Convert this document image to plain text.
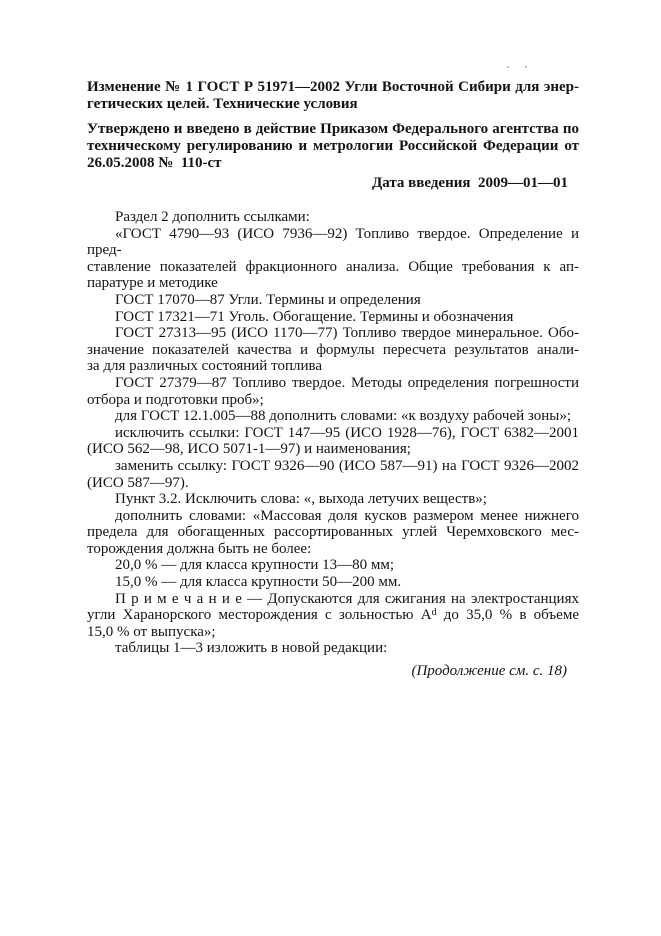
- ·
Изменение № 1 ГОСТ Р 51971—2002 Угли Восточной Сибири для энер-
гетических целей. Технические условия
Утверждено и введено в действие Приказом Федерального агентства по
техническому регулированию и метрологии Российской Федерации от
26.05.2008 №  110-ст

Дата введения  2009—01—01

Раздел 2 дополнить ссылками:

«ГОСТ 4790—93 (ИСО 7936—92) Топливо твердое. Определение и пред-
ставление показателей фракционного анализа. Общие требования к ап-
паратуре и методике

ГОСТ 17070—87 Угли. Термины и определения

ГОСТ 17321—71 Уголь. Обогащение. Термины и обозначения

ГОСТ 27313—95 (ИСО 1170—77) Топливо твердое минеральное. Обо-
значение показателей качества и формулы пересчета результатов анали-
за для различных состояний топлива

ГОСТ 27379—87 Топливо твердое. Методы определения погрешности
отбора и подготовки проб»;

для ГОСТ 12.1.005—88 дополнить словами: «к воздуху рабочей зоны»;

исключить ссылки: ГОСТ 147—95 (ИСО 1928—76), ГОСТ 6382—2001
(ИСО 562—98, ИСО 5071-1—97) и наименования;

заменить ссылку: ГОСТ 9326—90 (ИСО 587—91) на ГОСТ 9326—2002
(ИСО 587—97).

Пункт 3.2. Исключить слова: «, выхода летучих веществ»;

дополнить словами: «Массовая доля кусков размером менее нижнего
предела для обогащенных рассортированных углей Черемховского мес-
торождения должна быть не более:

20,0 % — для класса крупности 13—80 мм;

15,0 % — для класса крупности 50—200 мм.

П р и м е ч а н и е — Допускаются для сжигания на электростанциях
угли Харанорского месторождения с зольностью $А^d$ до 35,0 % в объеме
15,0 % от выпуска»;

таблицы 1—3 изложить в новой редакции:

(Продолжение см. с. 18)
